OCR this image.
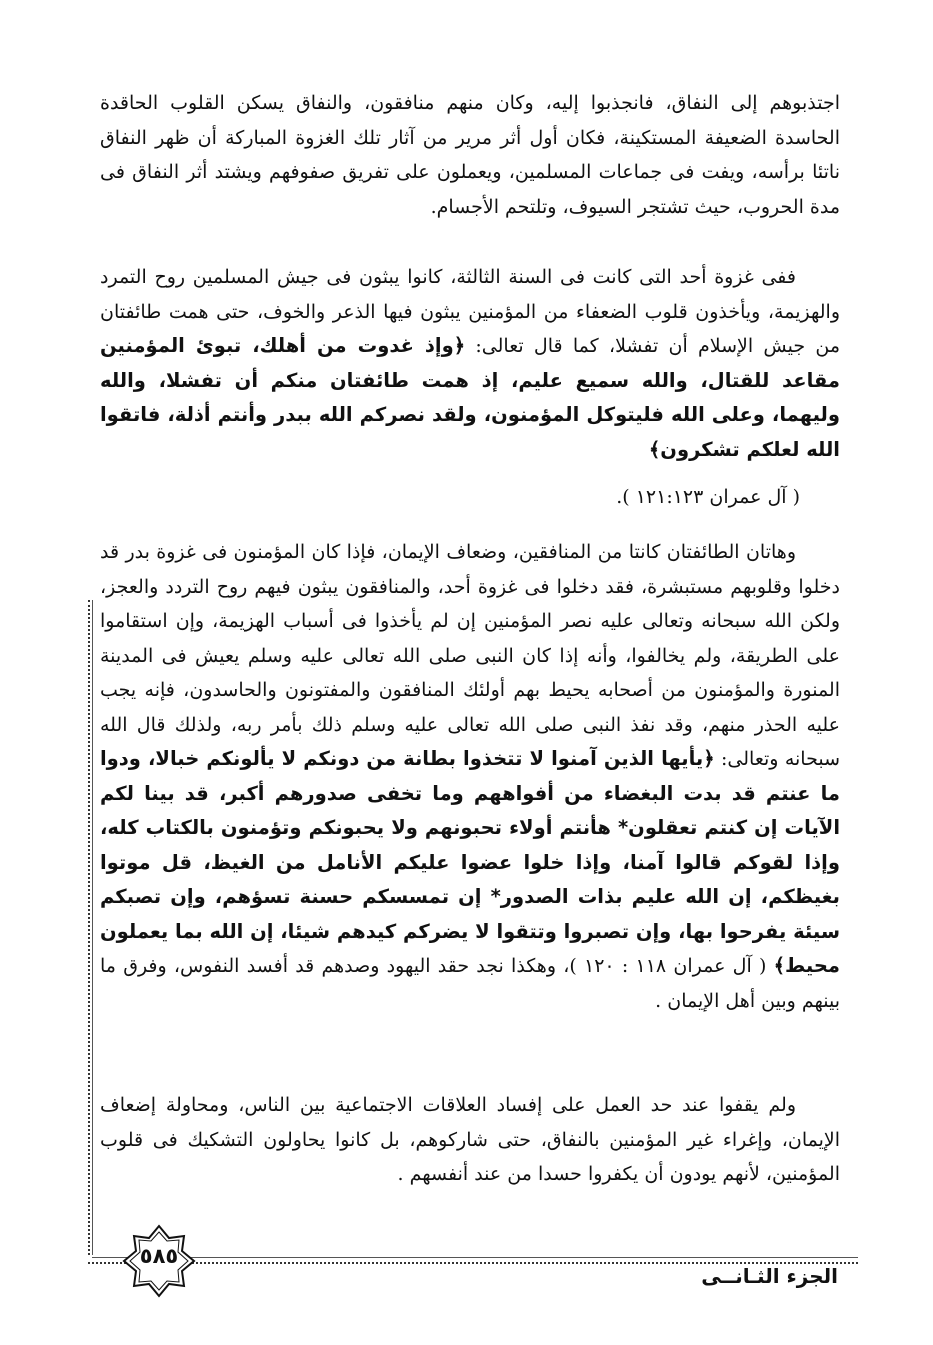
اجتذبوهم إلى النفاق، فانجذبوا إليه، وكان منهم منافقون، والنفاق يسكن القلوب الحاقدة الحاسدة الضعيفة المستكينة، فكان أول أثر مرير من آثار تلك الغزوة المباركة أن ظهر النفاق ناتئا برأسه، ويفت فى جماعات المسلمين، ويعملون على تفريق صفوفهم ويشتد أثر النفاق فى مدة الحروب، حيث تشتجر السيوف، وتلتحم الأجسام.

ففى غزوة أحد التى كانت فى السنة الثالثة، كانوا يبثون فى جيش المسلمين روح التمرد والهزيمة، ويأخذون قلوب الضعفاء من المؤمنين يبثون فيها الذعر والخوف، حتى همت طائفتان من جيش الإسلام أن تفشلا، كما قال تعالى: ﴿وإذ غدوت من أهلك، تبوئ المؤمنين مقاعد للقتال، والله سميع عليم، إذ همت طائفتان منكم أن تفشلا، والله وليهما، وعلى الله فليتوكل المؤمنون، ولقد نصركم الله ببدر وأنتم أذلة، فاتقوا الله لعلكم تشكرون﴾

( آل عمران ١٢١:١٢٣ ).

وهاتان الطائفتان كانتا من المنافقين، وضعاف الإيمان، فإذا كان المؤمنون فى غزوة بدر قد دخلوا وقلوبهم مستبشرة، فقد دخلوا فى غزوة أحد، والمنافقون يبثون فيهم روح التردد والعجز، ولكن الله سبحانه وتعالى عليه نصر المؤمنين إن لم يأخذوا فى أسباب الهزيمة، وإن استقاموا على الطريقة، ولم يخالفوا، وأنه إذا كان النبى صلى الله تعالى عليه وسلم يعيش فى المدينة المنورة والمؤمنون من أصحابه يحيط بهم أولئك المنافقون والمفتونون والحاسدون، فإنه يجب عليه الحذر منهم، وقد نفذ النبى صلى الله تعالى عليه وسلم ذلك بأمر ربه، ولذلك قال الله سبحانه وتعالى: ﴿يأيها الذين آمنوا لا تتخذوا بطانة من دونكم لا يألونكم خبالا، ودوا ما عنتم قد بدت البغضاء من أفواههم وما تخفى صدورهم أكبر، قد بينا لكم الآيات إن كنتم تعقلون* هأنتم أولاء تحبونهم ولا يحبونكم وتؤمنون بالكتاب كله، وإذا لقوكم قالوا آمنا، وإذا خلوا عضوا عليكم الأنامل من الغيظ، قل موتوا بغيظكم، إن الله عليم بذات الصدور* إن تمسسكم حسنة تسؤهم، وإن تصبكم سيئة يفرحوا بها، وإن تصبروا وتتقوا لا يضركم كيدهم شيئا، إن الله بما يعملون محيط﴾ ( آل عمران ١١٨ : ١٢٠ )، وهكذا نجد حقد اليهود وصدهم قد أفسد النفوس، وفرق ما بينهم وبين أهل الإيمان .

ولم يقفوا عند حد العمل على إفساد العلاقات الاجتماعية بين الناس، ومحاولة إضعاف الإيمان، وإغراء غير المؤمنين بالنفاق، حتى شاركوهم، بل كانوا يحاولون التشكيك فى قلوب المؤمنين، لأنهم يودون أن يكفروا حسدا من عند أنفسهم .

٥٨٥
الجزء الثـانــى
